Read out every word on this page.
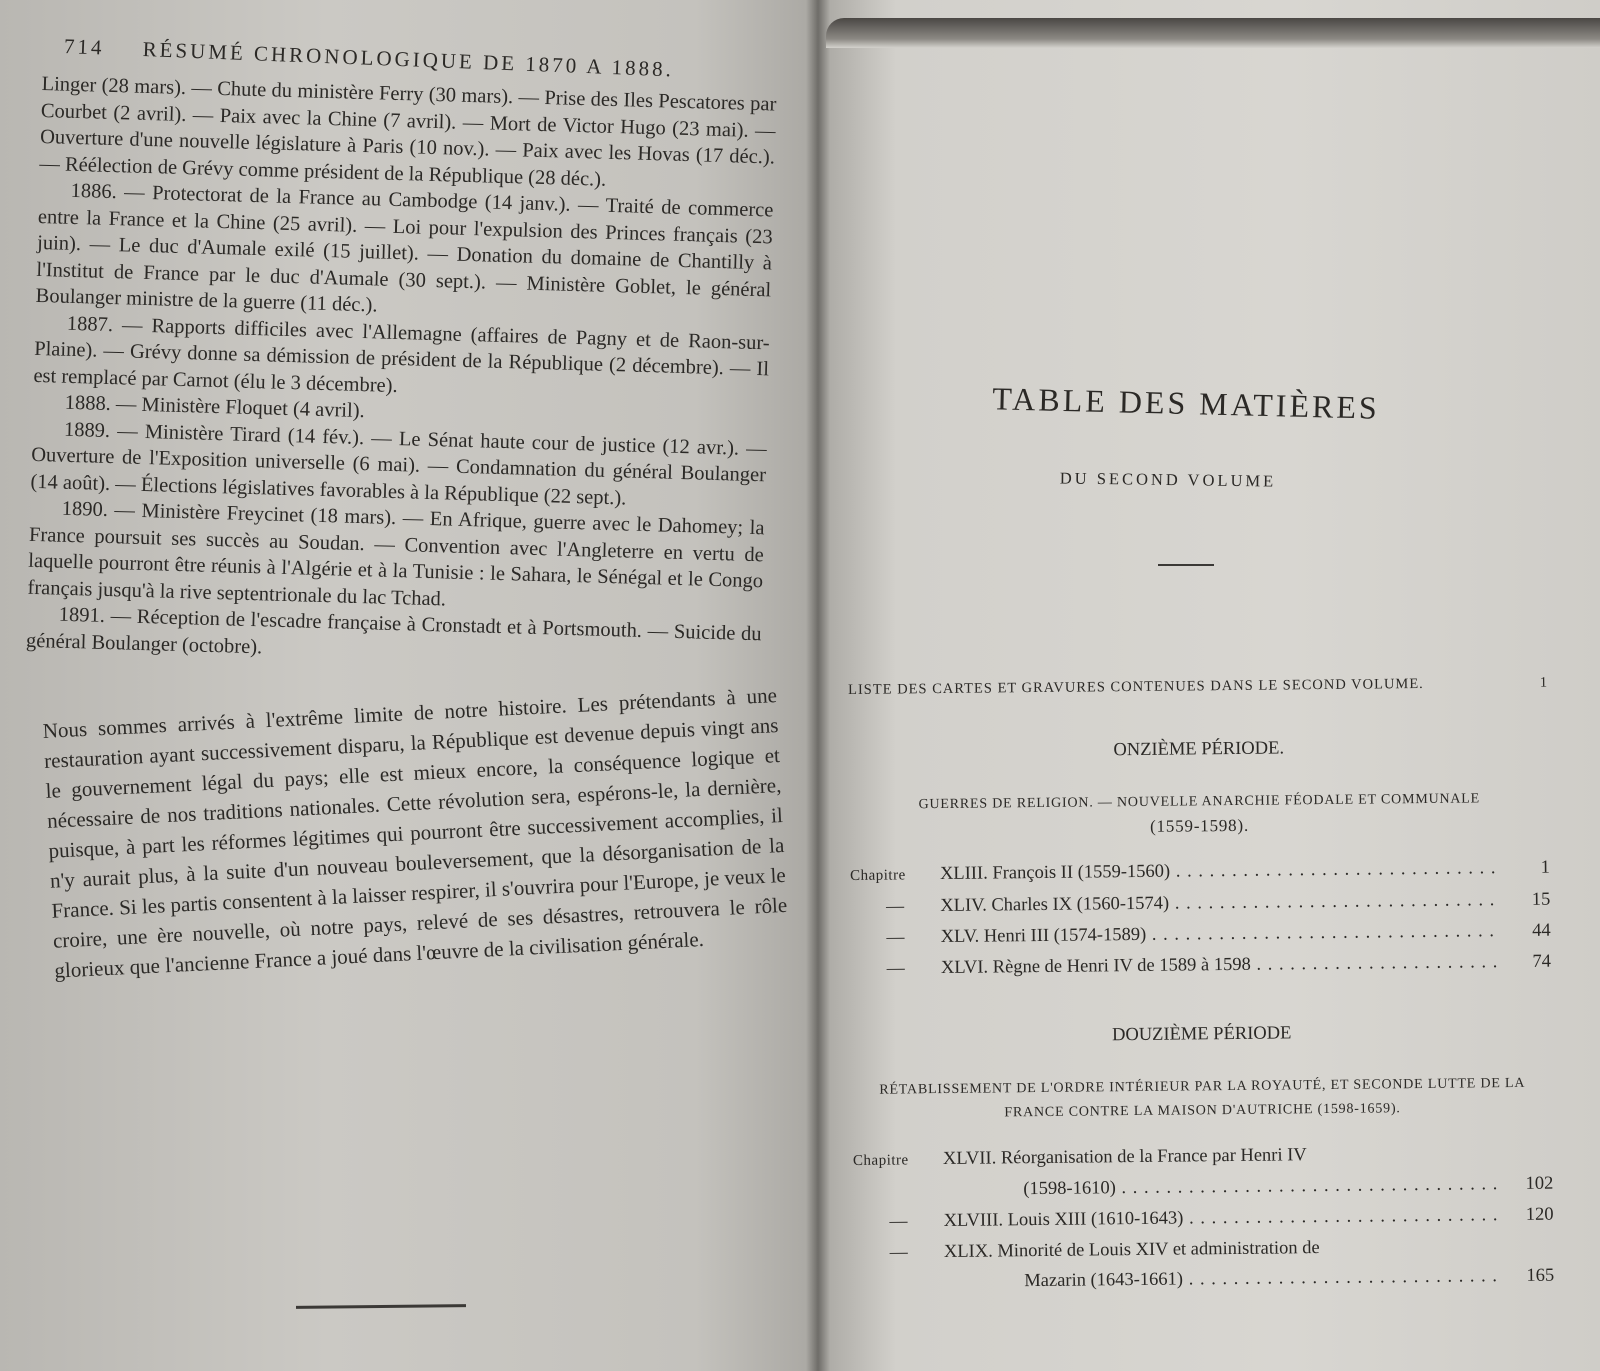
714 RÉSUMÉ CHRONOLOGIQUE DE 1870 A 1888.

Linger (28 mars). — Chute du ministère Ferry (30 mars). — Prise des Iles Pescatores par Courbet (2 avril). — Paix avec la Chine (7 avril). — Mort de Victor Hugo (23 mai). — Ouverture d'une nouvelle législature à Paris (10 nov.). — Paix avec les Hovas (17 déc.). — Réélection de Grévy comme président de la République (28 déc.).

1886. — Protectorat de la France au Cambodge (14 janv.). — Traité de commerce entre la France et la Chine (25 avril). — Loi pour l'expulsion des Princes français (23 juin). — Le duc d'Aumale exilé (15 juillet). — Donation du domaine de Chantilly à l'Institut de France par le duc d'Aumale (30 sept.). — Ministère Goblet, le général Boulanger ministre de la guerre (11 déc.).

1887. — Rapports difficiles avec l'Allemagne (affaires de Pagny et de Raon-sur-Plaine). — Grévy donne sa démission de président de la République (2 décembre). — Il est remplacé par Carnot (élu le 3 décembre).

1888. — Ministère Floquet (4 avril).

1889. — Ministère Tirard (14 fév.). — Le Sénat haute cour de justice (12 avr.). — Ouverture de l'Exposition universelle (6 mai). — Condamnation du général Boulanger (14 août). — Élections législatives favorables à la République (22 sept.).

1890. — Ministère Freycinet (18 mars). — En Afrique, guerre avec le Dahomey; la France poursuit ses succès au Soudan. — Convention avec l'Angleterre en vertu de laquelle pourront être réunis à l'Algérie et à la Tunisie : le Sahara, le Sénégal et le Congo français jusqu'à la rive septentrionale du lac Tchad.

1891. — Réception de l'escadre française à Cronstadt et à Portsmouth. — Suicide du général Boulanger (octobre).

Nous sommes arrivés à l'extrême limite de notre histoire. Les prétendants à une restauration ayant successivement disparu, la République est devenue depuis vingt ans le gouvernement légal du pays; elle est mieux encore, la conséquence logique et nécessaire de nos traditions nationales. Cette révolution sera, espérons-le, la dernière, puisque, à part les réformes légitimes qui pourront être successivement accomplies, il n'y aurait plus, à la suite d'un nouveau bouleversement, que la désorganisation de la France. Si les partis consentent à la laisser respirer, il s'ouvrira pour l'Europe, je veux le croire, une ère nouvelle, où notre pays, relevé de ses désastres, retrouvera le rôle glorieux que l'ancienne France a joué dans l'œuvre de la civilisation générale.

TABLE DES MATIÈRES
DU SECOND VOLUME
LISTE DES CARTES ET GRAVURES CONTENUES DANS LE SECOND VOLUME.	1
ONZIÈME PÉRIODE.
GUERRES DE RELIGION. — NOUVELLE ANARCHIE FÉODALE ET COMMUNALE
(1559-1598).
Chapitre	XLIII. François II (1559-1560) . . .	1
—	XLIV. Charles IX (1560-1574) . . .	15
—	XLV. Henri III (1574-1589) . . .	44
—	XLVI. Règne de Henri IV de 1589 à 1598 . . .	74
DOUZIÈME PÉRIODE
RÉTABLISSEMENT DE L'ORDRE INTÉRIEUR PAR LA ROYAUTÉ, ET SECONDE LUTTE DE LA FRANCE CONTRE LA MAISON D'AUTRICHE (1598-1659).
Chapitre	XLVII. Réorganisation de la France par Henri IV
(1598-1610) . . .	102
—	XLVIII. Louis XIII (1610-1643) . . .	120
—	XLIX. Minorité de Louis XIV et administration de
Mazarin (1643-1661) . . .	165
